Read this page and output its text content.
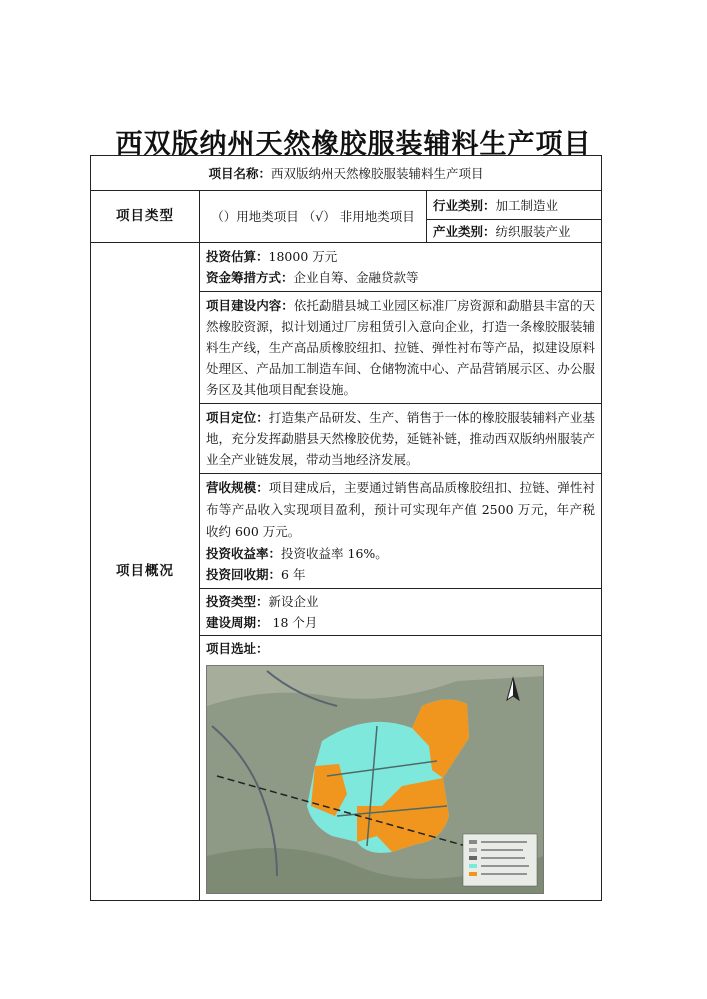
西双版纳州天然橡胶服装辅料生产项目
项目名称：西双版纳州天然橡胶服装辅料生产项目		
项目类型	（）用地类项目 （√） 非用地类项目	行业类别：加工制造业
		产业类别：纺织服装产业
项目概况	投资估算：18000 万元
资金筹措方式：企业自筹、金融贷款等	

	项目建设内容：依托勐腊县城工业园区标准厂房资源和勐腊县丰富的天然橡胶资源，拟计划通过厂房租赁引入意向企业，打造一条橡胶服装辅料生产线，生产高品质橡胶纽扣、拉链、弹性衬布等产品，拟建设原料处理区、产品加工制造车间、仓储物流中心、产品营销展示区、办公服务区及其他项目配套设施。	
	项目定位：打造集产品研发、生产、销售于一体的橡胶服装辅料产业基地，充分发挥勐腊县天然橡胶优势，延链补链，推动西双版纳州服装产业全产业链发展，带动当地经济发展。	

	营收规模：项目建成后，主要通过销售高品质橡胶纽扣、拉链、弹性衬布等产品收入实现项目盈利，预计可实现年产值 2500 万元，年产税收约 600 万元。
投资收益率：投资收益率 16%。
投资回收期：6 年	

	投资类型：新设企业
建设周期： 18 个月	

	项目选址：	
